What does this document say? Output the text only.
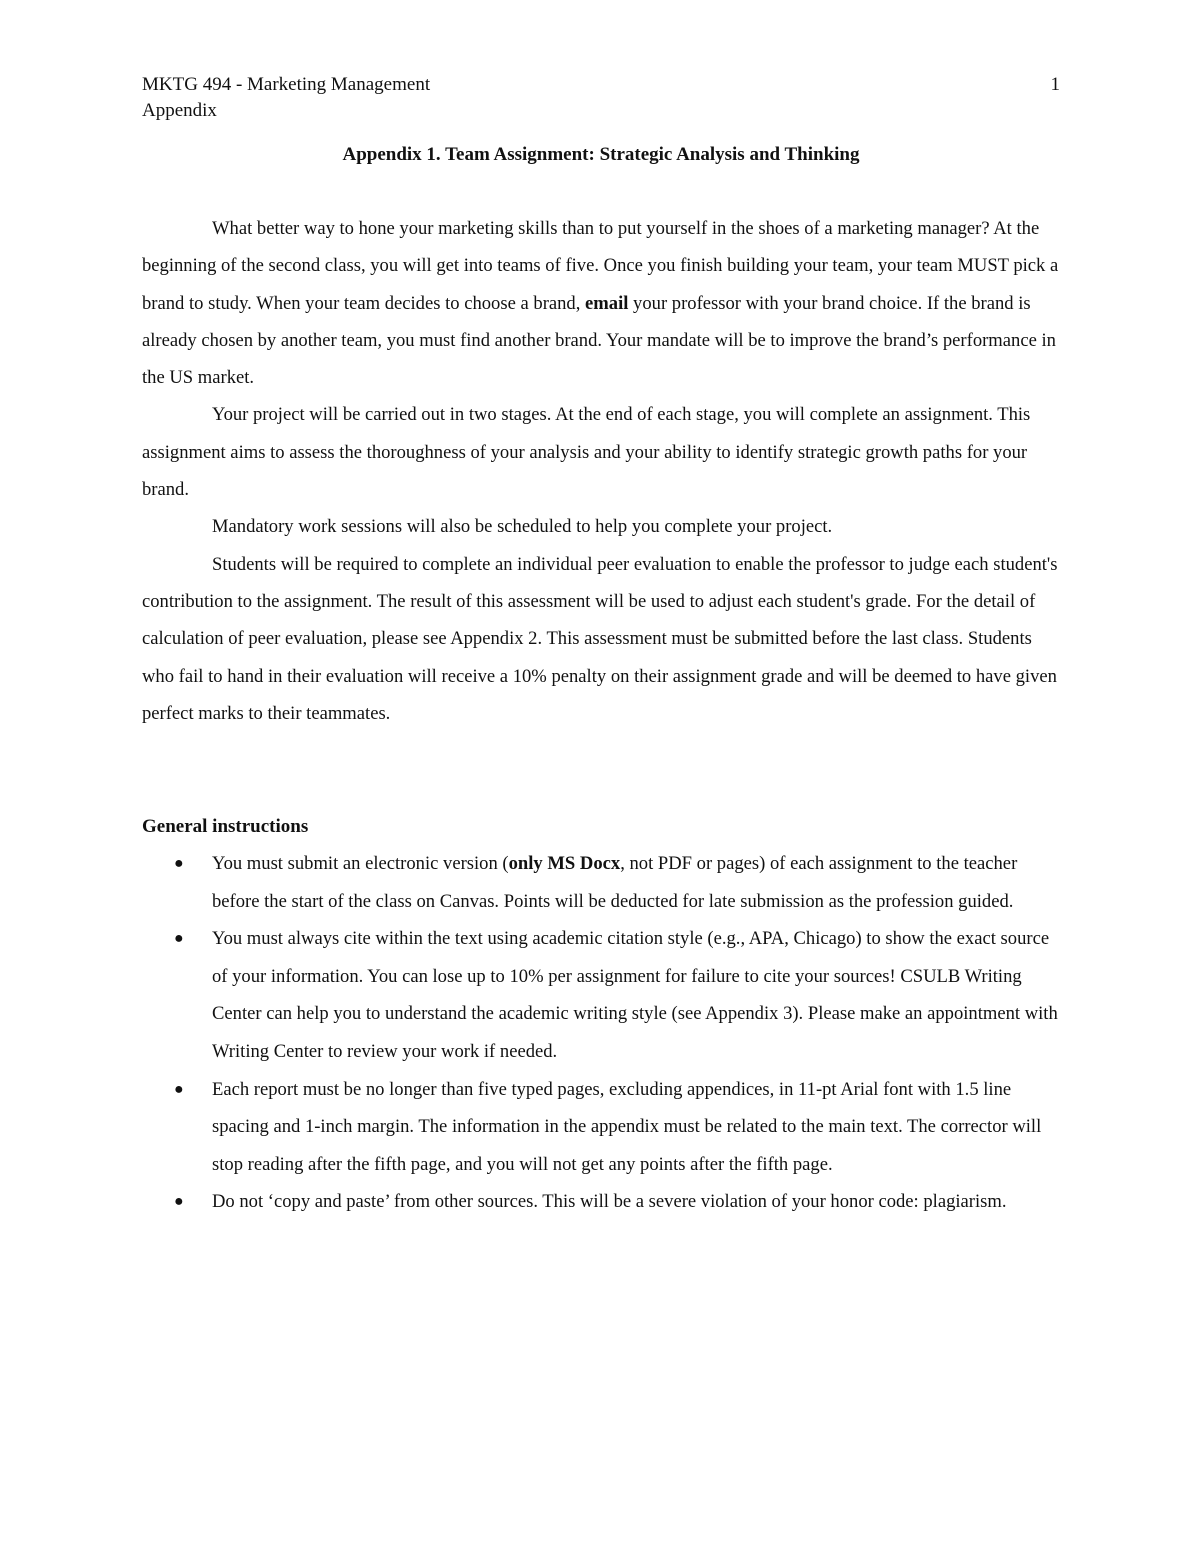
MKTG 494 - Marketing Management	1
Appendix
Appendix 1. Team Assignment: Strategic Analysis and Thinking

What better way to hone your marketing skills than to put yourself in the shoes of a marketing manager? At the beginning of the second class, you will get into teams of five. Once you finish building your team, your team MUST pick a brand to study. When your team decides to choose a brand, email your professor with your brand choice. If the brand is already chosen by another team, you must find another brand. Your mandate will be to improve the brand’s performance in the US market.

Your project will be carried out in two stages. At the end of each stage, you will complete an assignment. This assignment aims to assess the thoroughness of your analysis and your ability to identify strategic growth paths for your brand.

Mandatory work sessions will also be scheduled to help you complete your project.

Students will be required to complete an individual peer evaluation to enable the professor to judge each student's contribution to the assignment. The result of this assessment will be used to adjust each student's grade. For the detail of calculation of peer evaluation, please see Appendix 2. This assessment must be submitted before the last class. Students who fail to hand in their evaluation will receive a 10% penalty on their assignment grade and will be deemed to have given perfect marks to their teammates.

General instructions
● You must submit an electronic version (only MS Docx, not PDF or pages) of each assignment to the teacher before the start of the class on Canvas. Points will be deducted for late submission as the profession guided.
● You must always cite within the text using academic citation style (e.g., APA, Chicago) to show the exact source of your information. You can lose up to 10% per assignment for failure to cite your sources! CSULB Writing Center can help you to understand the academic writing style (see Appendix 3). Please make an appointment with Writing Center to review your work if needed.
● Each report must be no longer than five typed pages, excluding appendices, in 11-pt Arial font with 1.5 line spacing and 1-inch margin. The information in the appendix must be related to the main text. The corrector will stop reading after the fifth page, and you will not get any points after the fifth page.
● Do not ‘copy and paste’ from other sources. This will be a severe violation of your honor code: plagiarism.
